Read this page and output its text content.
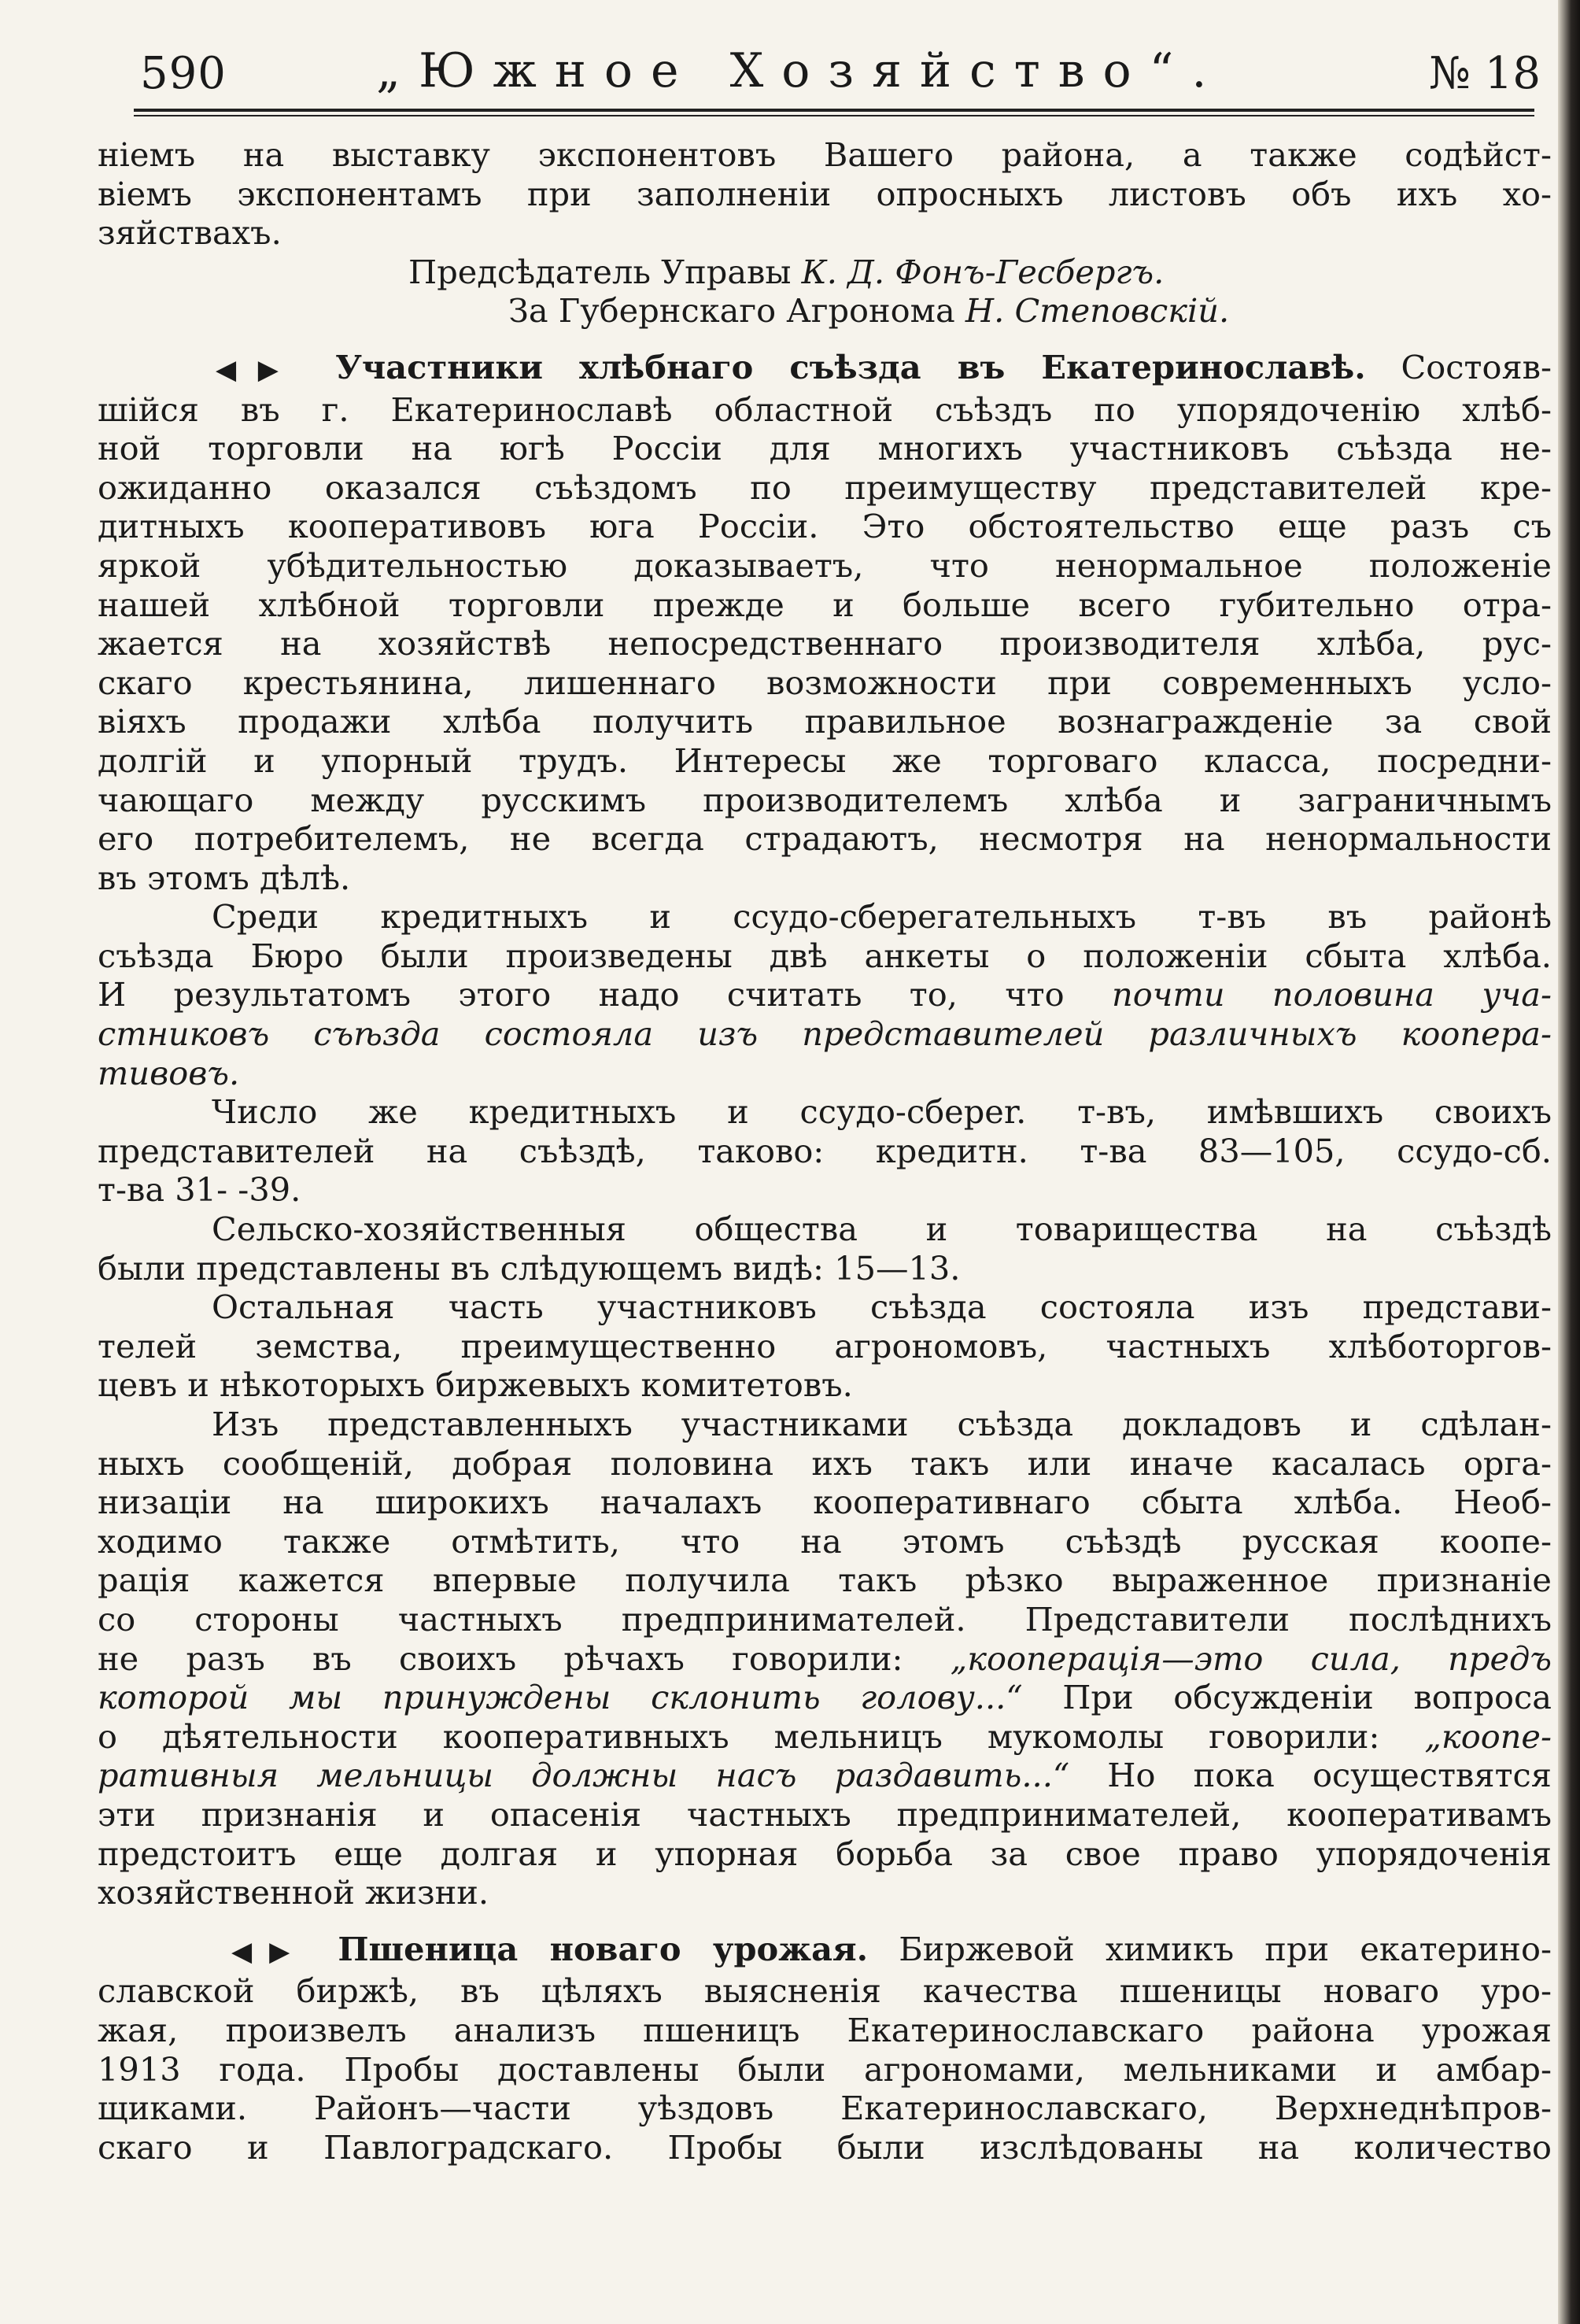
590	„Южное Хозяйство“.	№ 18

ніемъ на выставку экспонентовъ Вашего района, а также содѣйст-

віемъ экспонентамъ при заполненіи опросныхъ листовъ объ ихъ хо-

зяйствахъ.

Предсѣдатель Управы К. Д. Фонъ-Гесбергъ.

За Губернскаго Агронома Н. Степовскій.

◀▶ Участники хлѣбнаго съѣзда въ Екатеринославѣ. Состояв-

шійся въ г. Екатеринославѣ областной съѣздъ по упорядоченію хлѣб-

ной торговли на югѣ Россіи для многихъ участниковъ съѣзда не-

ожиданно оказался съѣздомъ по преимуществу представителей кре-

дитныхъ кооперативовъ юга Россіи. Это обстоятельство еще разъ съ

яркой убѣдительностью доказываетъ, что ненормальное положеніе

нашей хлѣбной торговли прежде и больше всего губительно отра-

жается на хозяйствѣ непосредственнаго производителя хлѣба, рус-

скаго крестьянина, лишеннаго возможности при современныхъ усло-

віяхъ продажи хлѣба получить правильное вознагражденіе за свой

долгій и упорный трудъ. Интересы же торговаго класса, посредни-

чающаго между русскимъ производителемъ хлѣба и заграничнымъ

его потребителемъ, не всегда страдаютъ, несмотря на ненормальности

въ этомъ дѣлѣ.

Среди кредитныхъ и ссудо-сберегательныхъ т-въ въ районѣ

съѣзда Бюро были произведены двѣ анкеты о положеніи сбыта хлѣба.

И результатомъ этого надо считать то, что почти половина уча-

стниковъ съѣзда состояла изъ представителей различныхъ коопера-

тивовъ.

Число же кредитныхъ и ссудо-сбереr. т-въ, имѣвшихъ своихъ

представителей на съѣздѣ, таково: кредитн. т-ва 83—105, ссудо-сб.

т-ва 31- -39.

Сельско-хозяйственныя общества и товарищества на съѣздѣ

были представлены въ слѣдующемъ видѣ: 15—13.

Остальная часть участниковъ съѣзда состояла изъ представи-

телей земства, преимущественно агрономовъ, частныхъ хлѣботоргов-

цевъ и нѣкоторыхъ биржевыхъ комитетовъ.

Изъ представленныхъ участниками съѣзда докладовъ и сдѣлан-

ныхъ сообщеній, добрая половина ихъ такъ или иначе касалась орга-

низаціи на широкихъ началахъ кооперативнаго сбыта хлѣба. Необ-

ходимо также отмѣтить, что на этомъ съѣздѣ русская коопе-

рація кажется впервые получила такъ рѣзко выраженное признаніе

со стороны частныхъ предпринимателей. Представители послѣднихъ

не разъ въ своихъ рѣчахъ говорили: „кооперація—это сила, предъ

которой мы принуждены склонить голову...“ При обсужденіи вопроса

о дѣятельности кооперативныхъ мельницъ мукомолы говорили: „коопе-

ративныя мельницы должны насъ раздавить...“ Но пока осуществятся

эти признанія и опасенія частныхъ предпринимателей, кооперативамъ

предстоитъ еще долгая и упорная борьба за свое право упорядоченія

хозяйственной жизни.

◀▶ Пшеница новаго урожая. Биржевой химикъ при екатерино-

славской биржѣ, въ цѣляхъ выясненія качества пшеницы новаго уро-

жая, произвелъ анализъ пшеницъ Екатеринославскаго района урожая

1913 года. Пробы доставлены были агрономами, мельниками и амбар-

щиками. Районъ—части уѣздовъ Екатеринославскаго, Верхнеднѣпров-

скаго и Павлоградскаго. Пробы были изслѣдованы на количество
